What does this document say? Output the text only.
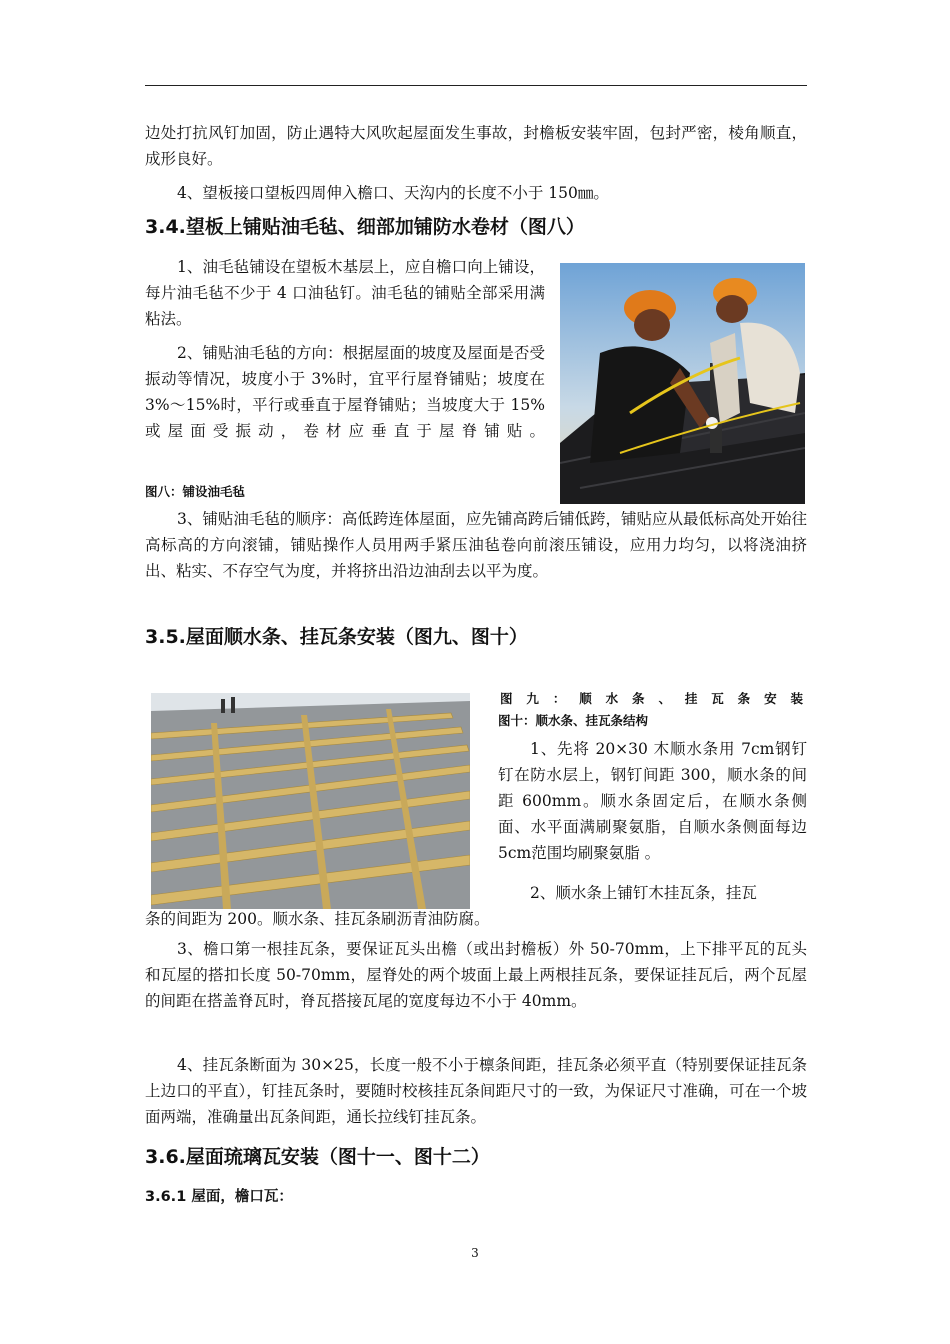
边处打抗风钉加固，防止遇特大风吹起屋面发生事故，封檐板安装牢固，包封严密，棱角顺直，成形良好。

4、望板接口望板四周伸入檐口、天沟内的长度不小于 150㎜。

3.4.望板上铺贴油毛毡、细部加铺防水卷材（图八）

1、油毛毡铺设在望板木基层上，应自檐口向上铺设，每片油毛毡不少于 4 口油毡钉。油毛毡的铺贴全部采用满粘法。

2、铺贴油毛毡的方向：根据屋面的坡度及屋面是否受振动等情况，坡度小于 3%时，宜平行屋脊铺贴；坡度在 3%～15%时，平行或垂直于屋脊铺贴；当坡度大于 15%或屋面受振动，卷材应垂直于屋脊铺贴。

图八：铺设油毛毡

3、铺贴油毛毡的顺序：高低跨连体屋面，应先铺高跨后铺低跨，铺贴应从最低标高处开始往高标高的方向滚铺，铺贴操作人员用两手紧压油毡卷向前滚压铺设，应用力均匀，以将浇油挤出、粘实、不存空气为度，并将挤出沿边油刮去以平为度。

3.5.屋面顺水条、挂瓦条安装（图九、图十）
图九：顺水条、挂瓦条安装
图十：顺水条、挂瓦条结构

1、先将 20×30 木顺水条用 7cm钢钉钉在防水层上，钢钉间距 300，顺水条的间距 600mm。顺水条固定后，在顺水条侧面、水平面满刷聚氨脂，自顺水条侧面每边 5cm范围均刷聚氨脂 。

2、顺水条上铺钉木挂瓦条，挂瓦

条的间距为 200。顺水条、挂瓦条刷沥青油防腐。

3、檐口第一根挂瓦条，要保证瓦头出檐（或出封檐板）外 50-70mm，上下排平瓦的瓦头和瓦屋的搭扣长度 50-70mm，屋脊处的两个坡面上最上两根挂瓦条，要保证挂瓦后，两个瓦屋的间距在搭盖脊瓦时，脊瓦搭接瓦尾的宽度每边不小于 40mm。

4、挂瓦条断面为 30×25，长度一般不小于檩条间距，挂瓦条必须平直（特别要保证挂瓦条上边口的平直），钉挂瓦条时，要随时校核挂瓦条间距尺寸的一致，为保证尺寸准确，可在一个坡面两端，准确量出瓦条间距，通长拉线钉挂瓦条。

3.6.屋面琉璃瓦安装（图十一、图十二）
3.6.1 屋面，檐口瓦：
3
